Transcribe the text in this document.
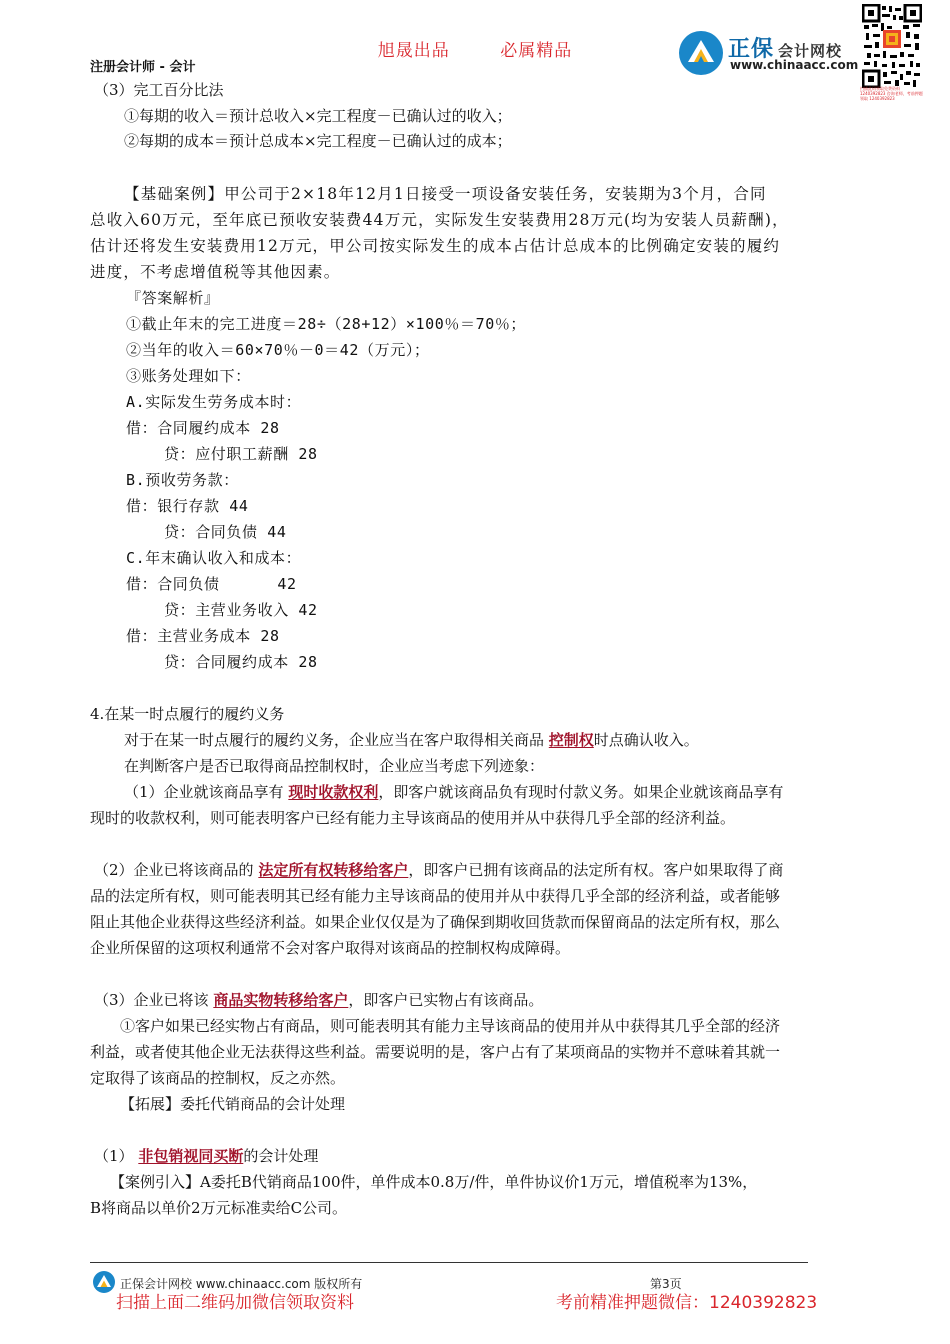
旭晟出品	必属精品
注册会计师 - 会计
正保 会计网校
www.chinaacc.com
扫描此码领取免费资料 1240392823 咨询老师，考前押题领取 1240392823
（3）完工百分比法
①每期的收入＝预计总收入×完工程度－已确认过的收入；
②每期的成本＝预计总成本×完工程度－已确认过的成本；
【基础案例】甲公司于2×18年12月1日接受一项设备安装任务，安装期为3个月，合同
总收入60万元，至年底已预收安装费44万元，实际发生安装费用28万元(均为安装人员薪酬)，
估计还将发生安装费用12万元，甲公司按实际发生的成本占估计总成本的比例确定安装的履约
进度，不考虑增值税等其他因素。
『答案解析』
①截止年末的完工进度＝28÷（28+12）×100％＝70％；
②当年的收入＝60×70％－0＝42（万元）；
③账务处理如下：
A.实际发生劳务成本时：
借：合同履约成本 28
贷：应付职工薪酬 28
B.预收劳务款：
借：银行存款 44
贷：合同负债 44
C.年末确认收入和成本：
借：合同负债      42
贷：主营业务收入 42
借：主营业务成本 28
贷：合同履约成本 28
4.在某一时点履行的履约义务
对于在某一时点履行的履约义务，企业应当在客户取得相关商品 控制权时点确认收入。
在判断客户是否已取得商品控制权时，企业应当考虑下列迹象：
（1）企业就该商品享有 现时收款权利，即客户就该商品负有现时付款义务。如果企业就该商品享有
现时的收款权利，则可能表明客户已经有能力主导该商品的使用并从中获得几乎全部的经济利益。
（2）企业已将该商品的 法定所有权转移给客户，即客户已拥有该商品的法定所有权。客户如果取得了商
品的法定所有权，则可能表明其已经有能力主导该商品的使用并从中获得几乎全部的经济利益，或者能够
阻止其他企业获得这些经济利益。如果企业仅仅是为了确保到期收回货款而保留商品的法定所有权，那么
企业所保留的这项权利通常不会对客户取得对该商品的控制权构成障碍。
（3）企业已将该 商品实物转移给客户，即客户已实物占有该商品。
①客户如果已经实物占有商品，则可能表明其有能力主导该商品的使用并从中获得其几乎全部的经济
利益，或者使其他企业无法获得这些利益。需要说明的是，客户占有了某项商品的实物并不意味着其就一
定取得了该商品的控制权，反之亦然。
【拓展】委托代销商品的会计处理
（1） 非包销视同买断的会计处理
【案例引入】A委托B代销商品100件，单件成本0.8万/件，单件协议价1万元，增值税率为13%，
B将商品以单价2万元标准卖给C公司。
正保会计网校 www.chinaacc.com 版权所有	第3页
扫描上面二维码加微信领取资料	考前精准押题微信：1240392823
